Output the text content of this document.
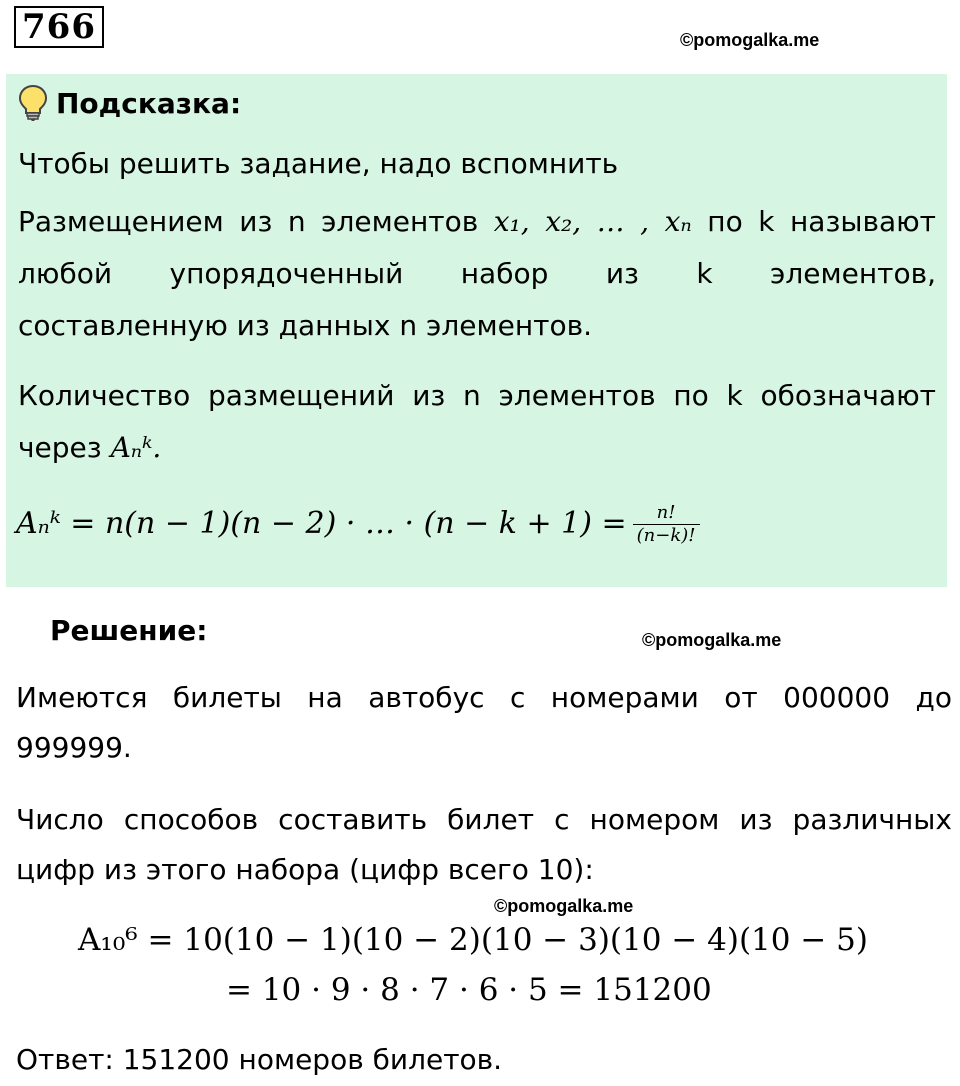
766	©pomogalka.me
Подсказка:
Чтобы решить задание, надо вспомнить
Размещением из n элементов x₁, x₂, … , xₙ по k называют
любой упорядоченный набор из k элементов,
составленную из данных n элементов.
Количество размещений из n элементов по k обозначают
через Aₙᵏ.
Aₙᵏ = n(n − 1)(n − 2) · … · $(n - k + 1) = \frac{n!}{(n-k)!}$
Решение:	©pomogalka.me
Имеются билеты на автобус с номерами от 000000 до
999999.
Число способов составить билет с номером из различных
цифр из этого набора (цифр всего 10):
©pomogalka.me
A₁₀⁶ = 10(10 − 1)(10 − 2)(10 − 3)(10 − 4)(10 − 5)
= 10 · 9 · 8 · 7 · 6 · 5 = 151200
Ответ: 151200 номеров билетов.
